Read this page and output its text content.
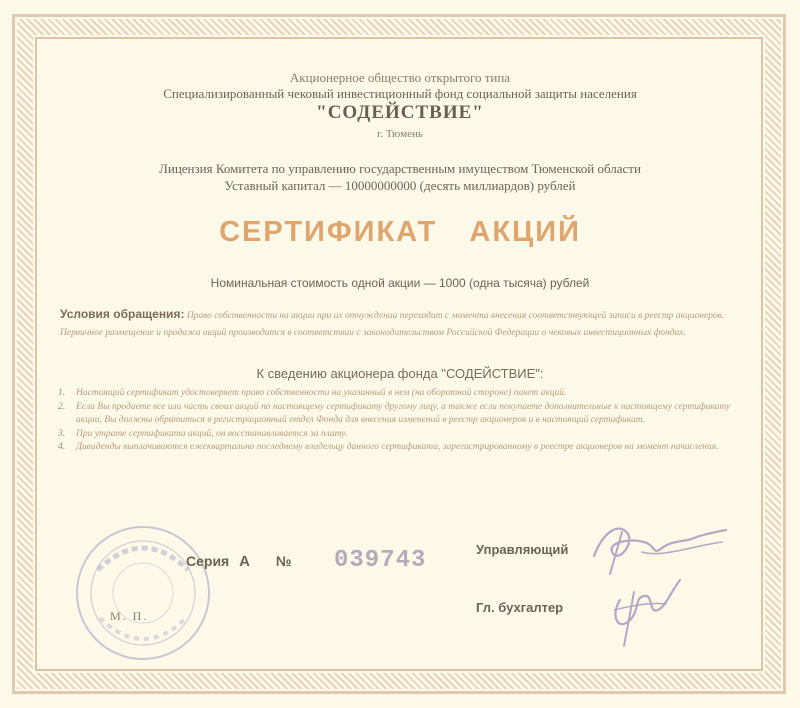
Акционерное общество открытого типа
Специализированный чековый инвестиционный фонд социальной защиты населения
"СОДЕЙСТВИЕ"
г. Тюмень
Лицензия Комитета по управлению государственным имуществом Тюменской области
Уставный капитал — 10000000000 (десять миллиардов) рублей
СЕРТИФИКАТ АКЦИЙ
Номинальная стоимость одной акции — 1000 (одна тысяча) рублей
Условия обращения: Право собственности на акции при их отчуждении переходит с момента внесения соответствующей записи в реестр акционеров. Первичное размещение и продажа акций производится в соответствии с законодательством Российской Федерации о чековых инвестиционных фондах.
К сведению акционера фонда "СОДЕЙСТВИЕ":
1. Настоящий сертификат удостоверяет право собственности на указанный в нем (на оборотной стороне) пакет акций.
2. Если Вы продаете все или часть своих акций по настоящему сертификату другому лицу, а также если покупаете дополнительные к настоящему сертификату акции, Вы должны обратиться в регистрационный отдел Фонда для внесения изменений в реестр акционеров и в настоящий сертификат.
3. При утрате сертификата акций, он восстанавливается за плату.
4. Дивиденды выплачиваются ежеквартально последнему владельцу данного сертификата, зарегистрированному в реестре акционеров на момент начисления.
М. П.
Серия А № 039743	Управляющий
Гл. бухгалтер
